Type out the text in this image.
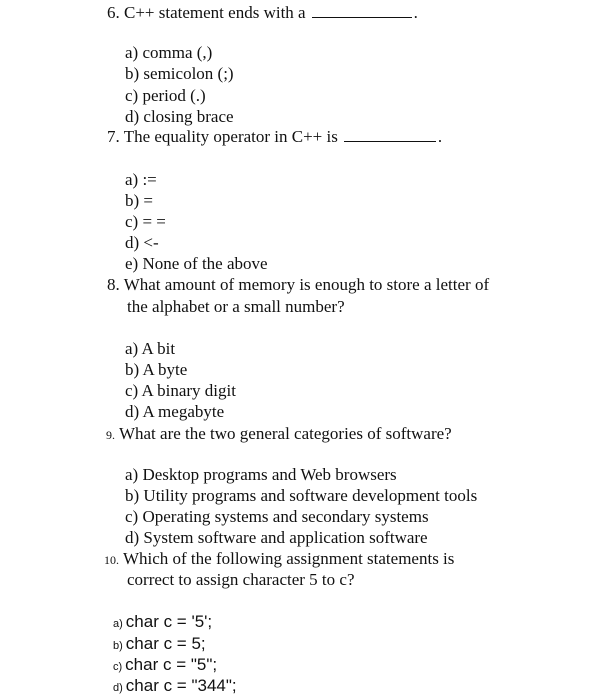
6. C++ statement ends with a	.
a) comma (,)
b) semicolon (;)
c) period (.)
d) closing brace
7. The equality operator in C++ is	.
a) :=
b) =
c) = =
d) <-
e) None of the above
8. What amount of memory is enough to store a letter of
the alphabet or a small number?
a) A bit
b) A byte
c) A binary digit
d) A megabyte
9. What are the two general categories of software?
a) Desktop programs and Web browsers
b) Utility programs and software development tools
c) Operating systems and secondary systems
d) System software and application software
10. Which of the following assignment statements is
correct to assign character 5 to c?
a) char c = '5';
b) char c = 5;
c) char c = "5";
d) char c = "344";
